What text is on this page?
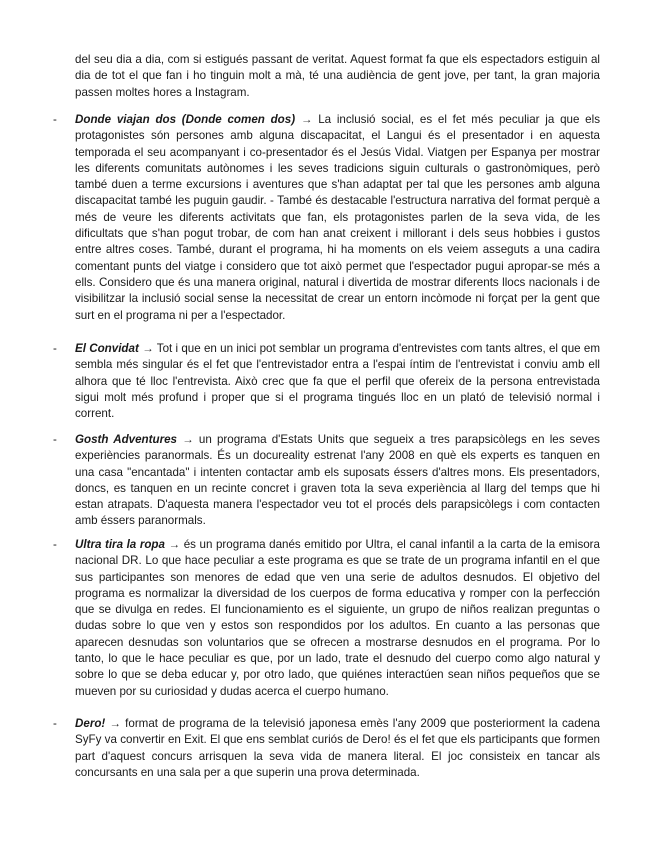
del seu dia a dia, com si estigués passant de veritat. Aquest format fa que els espectadors estiguin al dia de tot el que fan i ho tinguin molt a mà, té una audiència de gent jove, per tant, la gran majoria passen moltes hores a Instagram.

- Donde viajan dos (Donde comen dos) → La inclusió social, es el fet més peculiar ja que els protagonistes són persones amb alguna discapacitat, el Langui és el presentador i en aquesta temporada el seu acompanyant i co-presentador és el Jesús Vidal. Viatgen per Espanya per mostrar les diferents comunitats autònomes i les seves tradicions siguin culturals o gastronòmiques, però també duen a terme excursions i aventures que s'han adaptat per tal que les persones amb alguna discapacitat també les puguin gaudir. - També és destacable l'estructura narrativa del format perquè a més de veure les diferents activitats que fan, els protagonistes parlen de la seva vida, de les dificultats que s'han pogut trobar, de com han anat creixent i millorant i dels seus hobbies i gustos entre altres coses. També, durant el programa, hi ha moments on els veiem asseguts a una cadira comentant punts del viatge i considero que tot això permet que l'espectador pugui apropar-se més a ells. Considero que és una manera original, natural i divertida de mostrar diferents llocs nacionals i de visibilitzar la inclusió social sense la necessitat de crear un entorn incòmode ni forçat per la gent que surt en el programa ni per a l'espectador.
- El Convidat → Tot i que en un inici pot semblar un programa d'entrevistes com tants altres, el que em sembla més singular és el fet que l'entrevistador entra a l'espai íntim de l'entrevistat i conviu amb ell alhora que té lloc l'entrevista. Això crec que fa que el perfil que ofereix de la persona entrevistada sigui molt més profund i proper que si el programa tingués lloc en un plató de televisió normal i corrent.
- Gosth Adventures → un programa d'Estats Units que segueix a tres parapsicòlegs en les seves experiències paranormals. És un docureality estrenat l'any 2008 en què els experts es tanquen en una casa "encantada" i intenten contactar amb els suposats éssers d'altres mons. Els presentadors, doncs, es tanquen en un recinte concret i graven tota la seva experiència al llarg del temps que hi estan atrapats. D'aquesta manera l'espectador veu tot el procés dels parapsicòlegs i com contacten amb éssers paranormals.
- Ultra tira la ropa → és un programa danés emitido por Ultra, el canal infantil a la carta de la emisora nacional DR. Lo que hace peculiar a este programa es que se trate de un programa infantil en el que sus participantes son menores de edad que ven una serie de adultos desnudos. El objetivo del programa es normalizar la diversidad de los cuerpos de forma educativa y romper con la perfección que se divulga en redes. El funcionamiento es el siguiente, un grupo de niños realizan preguntas o dudas sobre lo que ven y estos son respondidos por los adultos. En cuanto a las personas que aparecen desnudas son voluntarios que se ofrecen a mostrarse desnudos en el programa. Por lo tanto, lo que le hace peculiar es que, por un lado, trate el desnudo del cuerpo como algo natural y sobre lo que se deba educar y, por otro lado, que quiénes interactúen sean niños pequeños que se mueven por su curiosidad y dudas acerca el cuerpo humano.
- Dero! → format de programa de la televisió japonesa emès l'any 2009 que posteriorment la cadena SyFy va convertir en Exit. El que ens semblat curiós de Dero! és el fet que els participants que formen part d'aquest concurs arrisquen la seva vida de manera literal. El joc consisteix en tancar als concursants en una sala per a que superin una prova determinada.
